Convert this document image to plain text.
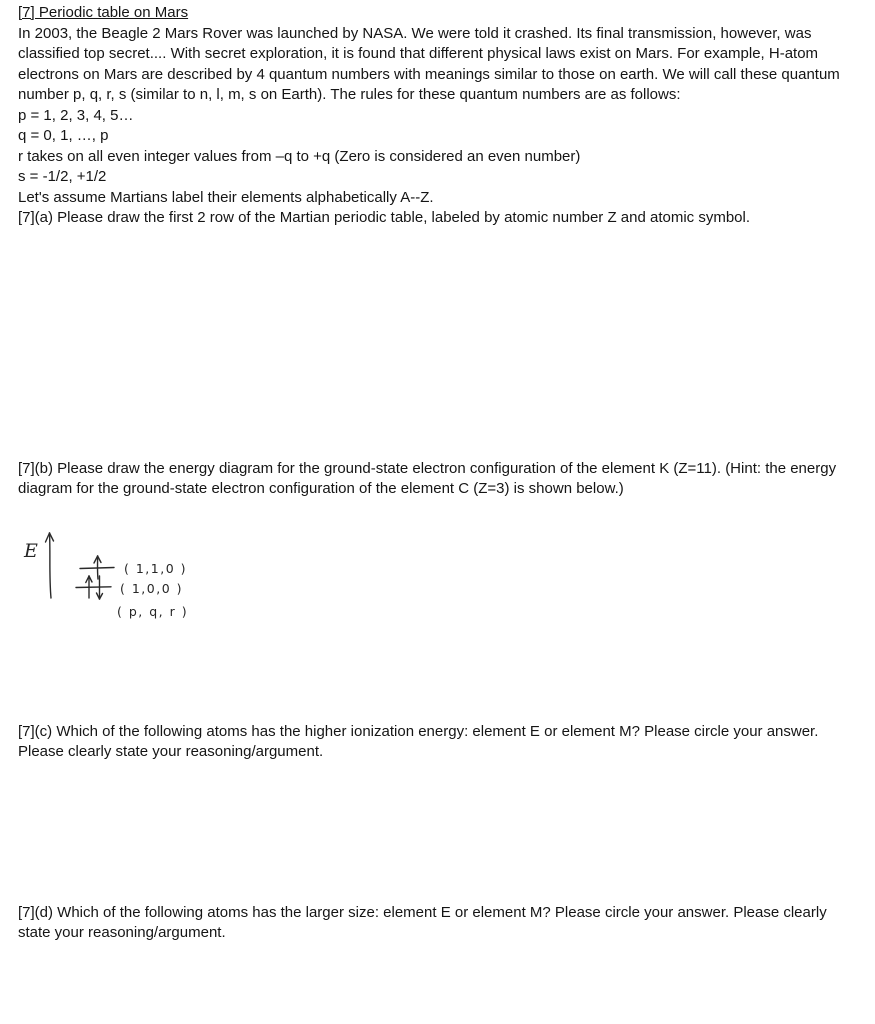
[7] Periodic table on Mars

In 2003, the Beagle 2 Mars Rover was launched by NASA. We were told it crashed. Its final transmission, however, was classified top secret.... With secret exploration, it is found that different physical laws exist on Mars. For example, H-atom electrons on Mars are described by 4 quantum numbers with meanings similar to those on earth. We will call these quantum number p, q, r, s (similar to n, l, m, s on Earth). The rules for these quantum numbers are as follows:

p = 1, 2, 3, 4, 5…

q = 0, 1, …, p

r takes on all even integer values from –q to +q (Zero is considered an even number)

s = -1/2, +1/2

Let's assume Martians label their elements alphabetically A--Z.

[7](a) Please draw the first 2 row of the Martian periodic table, labeled by atomic number Z and atomic symbol.

[7](b) Please draw the energy diagram for the ground-state electron configuration of the element K (Z=11). (Hint: the energy diagram for the ground-state electron configuration of the element C (Z=3) is shown below.)

E
( 1,1,0 )
( 1,0,0 )
( p, q, r )

[7](c) Which of the following atoms has the higher ionization energy: element E or element M? Please circle your answer. Please clearly state your reasoning/argument.

[7](d) Which of the following atoms has the larger size: element E or element M? Please circle your answer. Please clearly state your reasoning/argument.
